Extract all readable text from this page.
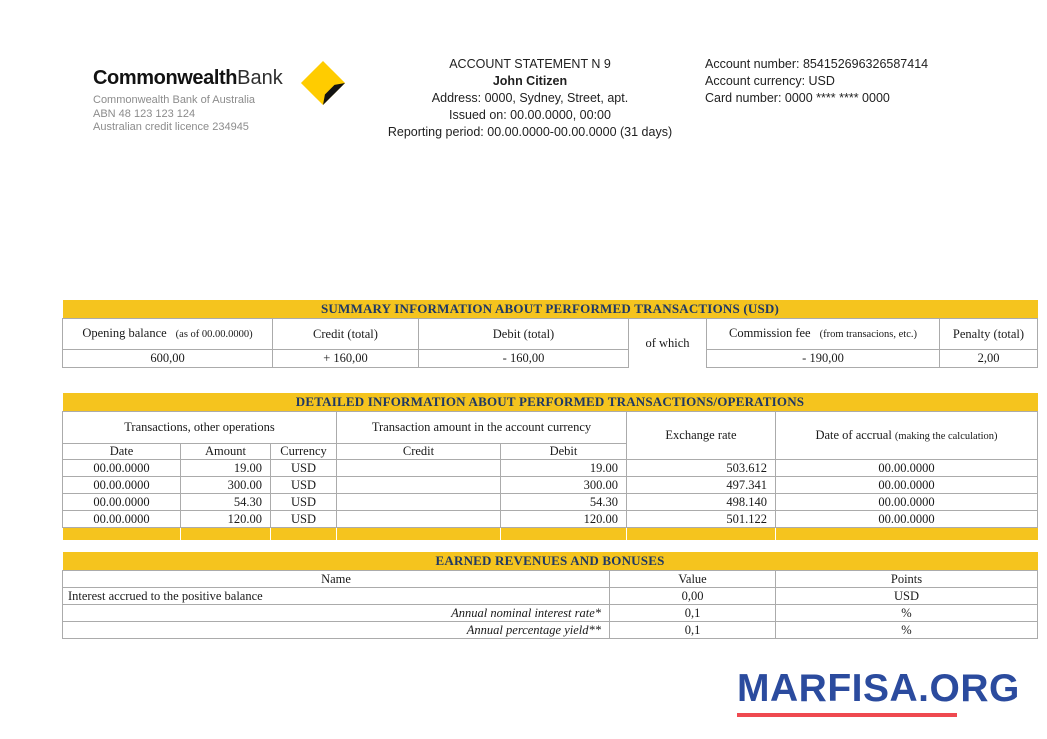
CommonwealthBank
Commonwealth Bank of Australia
ABN 48 123 123 124
Australian credit licence 234945
ACCOUNT STATEMENT N 9
John Citizen
Address: 0000, Sydney, Street, apt.
Issued on: 00.00.0000, 00:00
Reporting period: 00.00.0000-00.00.0000 (31 days)
Account number: 854152696326587414
Account currency: USD
Card number: 0000 **** **** 0000
SUMMARY INFORMATION ABOUT PERFORMED TRANSACTIONS (USD)					
Opening balance (as of 00.00.0000)	Credit (total)	Debit (total)	of which	Commission fee (from transacions, etc.)	Penalty (total)
600,00	+ 160,00	- 160,00		- 190,00	2,00
DETAILED INFORMATION ABOUT PERFORMED TRANSACTIONS/OPERATIONS						
Transactions, other operations			Transaction amount in the account currency		Exchange rate	Date of accrual (making the calculation)
Date	Amount	Currency	Credit	Debit		
00.00.0000	19.00	USD		19.00	503.612	00.00.0000
00.00.0000	300.00	USD		300.00	497.341	00.00.0000
00.00.0000	54.30	USD		54.30	498.140	00.00.0000
00.00.0000	120.00	USD		120.00	501.122	00.00.0000

EARNED REVENUES AND BONUSES		
Name	Value	Points
Interest accrued to the positive balance	0,00	USD
Annual nominal interest rate*	0,1	%
Annual percentage yield**	0,1	%
MARFISA.ORG
